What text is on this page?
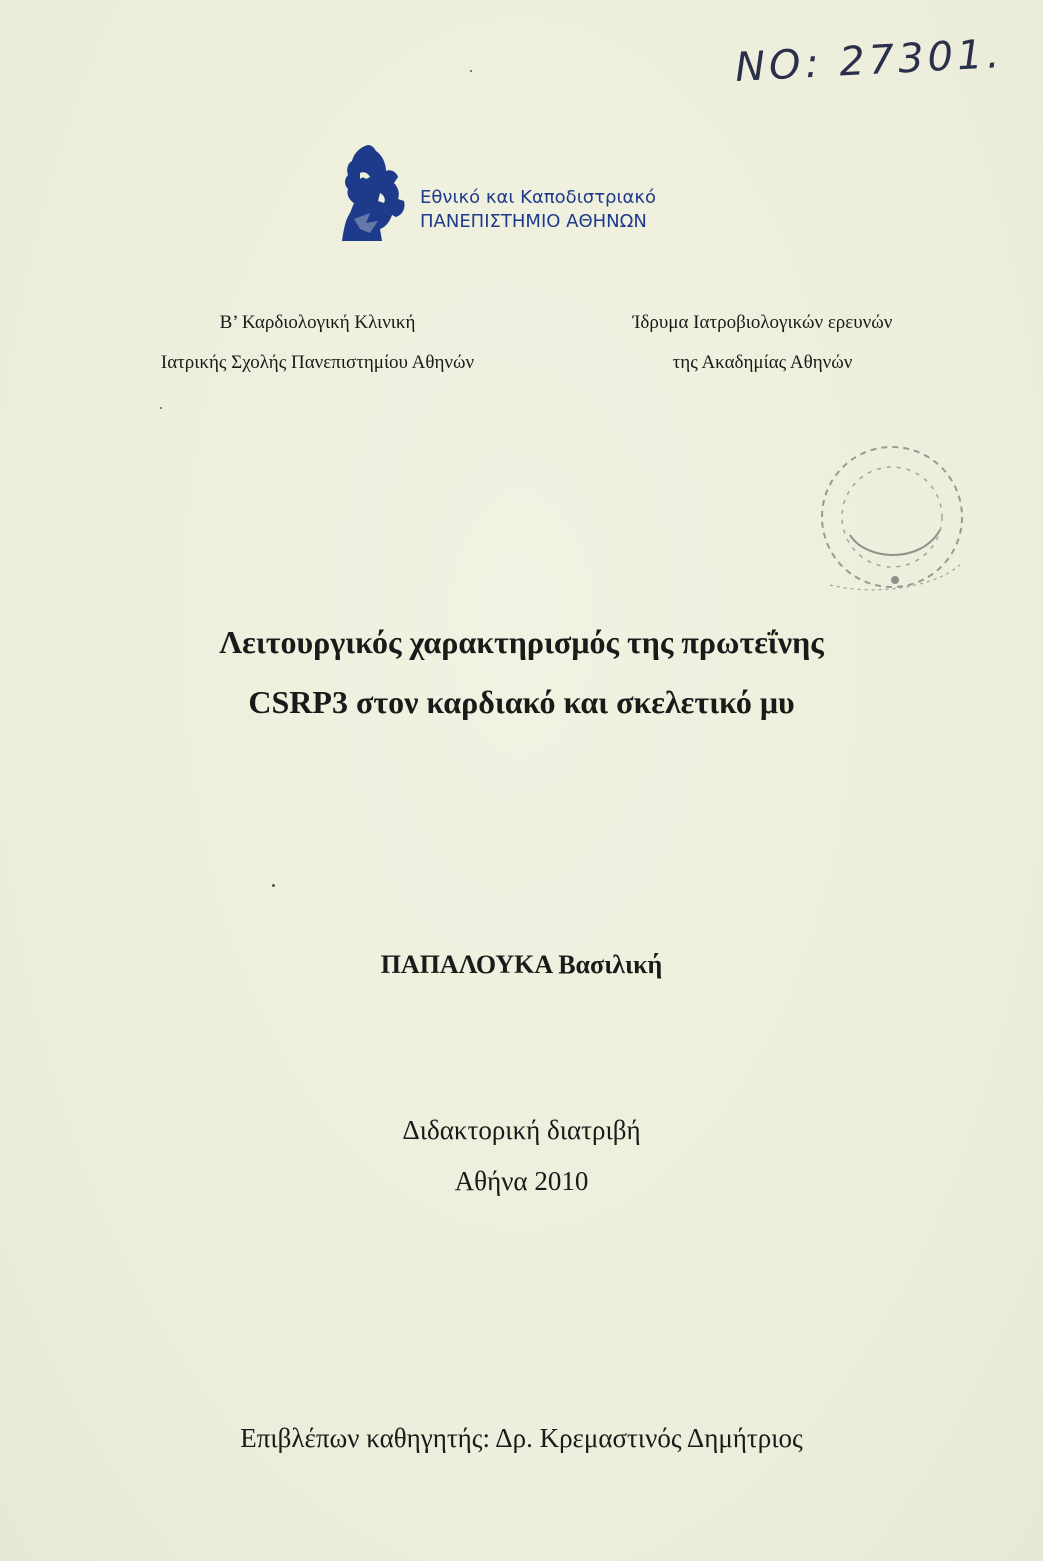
NO: 27301.
Εθνικό και Καποδιστριακό
ΠΑΝΕΠΙΣΤΗΜΙΟ ΑΘΗΝΩΝ
Β’ Καρδιολογική Κλινική
Ιατρικής Σχολής Πανεπιστημίου Αθηνών
Ίδρυμα Ιατροβιολογικών ερευνών
της Ακαδημίας Αθηνών
Λειτουργικός χαρακτηρισμός της πρωτεΐνης
CSRP3 στον καρδιακό και σκελετικό μυ
ΠΑΠΑΛΟΥΚΑ Βασιλική
Διδακτορική διατριβή
Αθήνα 2010
Επιβλέπων καθηγητής: Δρ. Κρεμαστινός Δημήτριος
